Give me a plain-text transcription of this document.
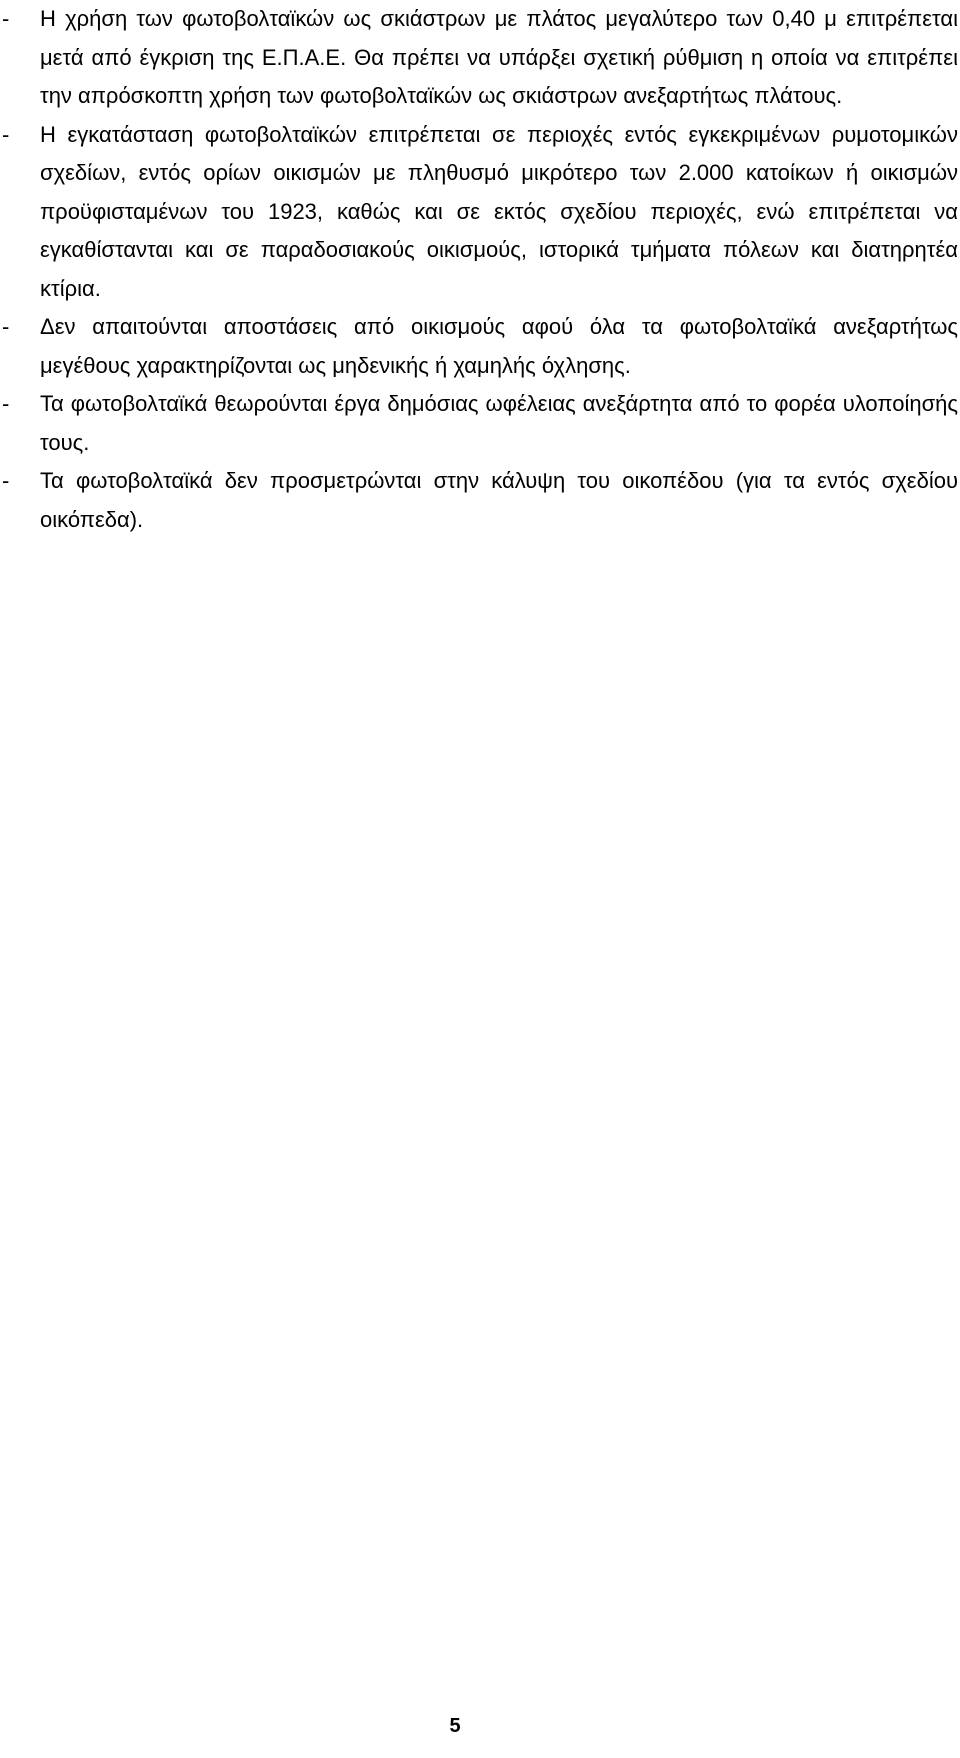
- Η χρήση των φωτοβολταϊκών ως σκιάστρων με πλάτος μεγαλύτερο των 0,40 μ επιτρέπεται μετά από έγκριση της Ε.Π.Α.Ε. Θα πρέπει να υπάρξει σχετική ρύθμιση η οποία να επιτρέπει την απρόσκοπτη χρήση των φωτοβολταϊκών ως σκιάστρων ανεξαρτήτως πλάτους.
- Η εγκατάσταση φωτοβολταϊκών επιτρέπεται σε περιοχές εντός εγκεκριμένων ρυμοτομικών σχεδίων, εντός ορίων οικισμών με πληθυσμό μικρότερο των 2.000 κατοίκων ή οικισμών προϋφισταμένων του 1923, καθώς και σε εκτός σχεδίου περιοχές, ενώ επιτρέπεται να εγκαθίστανται και σε παραδοσιακούς οικισμούς, ιστορικά τμήματα πόλεων και διατηρητέα κτίρια.
- Δεν απαιτούνται αποστάσεις από οικισμούς αφού όλα τα φωτοβολταϊκά ανεξαρτήτως μεγέθους χαρακτηρίζονται ως μηδενικής ή χαμηλής όχλησης.
- Τα φωτοβολταϊκά θεωρούνται έργα δημόσιας ωφέλειας ανεξάρτητα από το φορέα υλοποίησής τους.
- Τα φωτοβολταϊκά δεν προσμετρώνται στην κάλυψη του οικοπέδου (για τα εντός σχεδίου οικόπεδα).
5
